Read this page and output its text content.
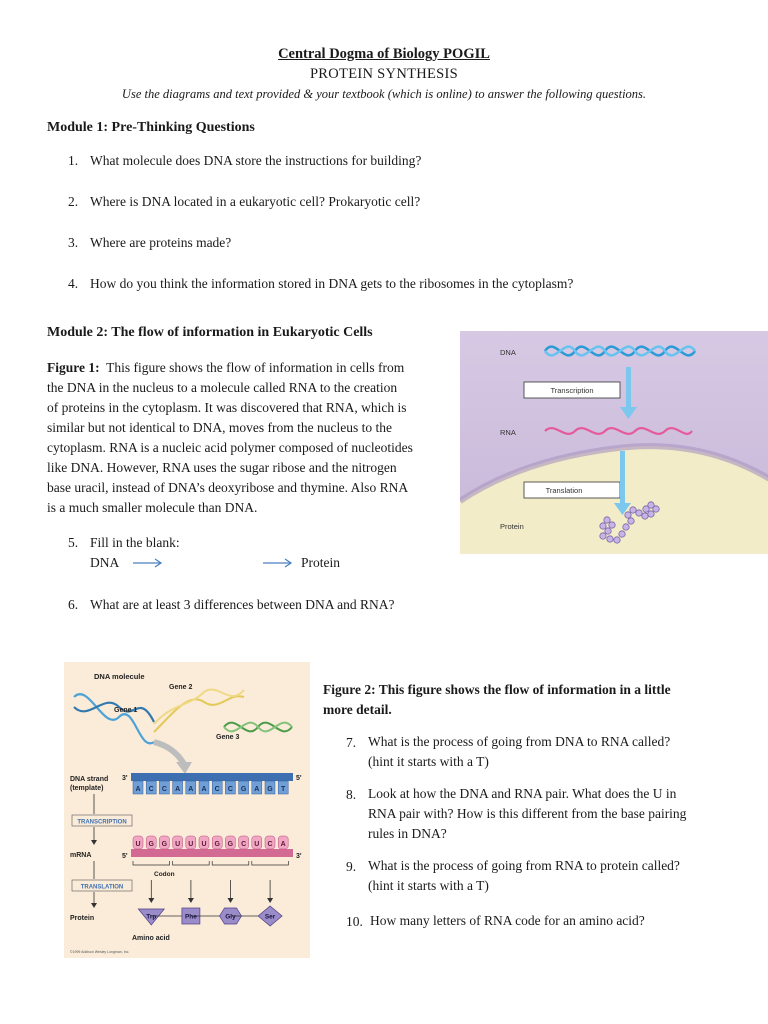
Central Dogma of Biology POGIL
PROTEIN SYNTHESIS
Use the diagrams and text provided & your textbook (which is online) to answer the following questions.
Module 1: Pre-Thinking Questions
1. What molecule does DNA store the instructions for building?
2. Where is DNA located in a eukaryotic cell? Prokaryotic cell?
3. Where are proteins made?
4. How do you think the information stored in DNA gets to the ribosomes in the cytoplasm?
Module 2: The flow of information in Eukaryotic Cells
Figure 1: This figure shows the flow of information in cells from
the DNA in the nucleus to a molecule called RNA to the creation
of proteins in the cytoplasm. It was discovered that RNA, which is
similar but not identical to DNA, moves from the nucleus to the
cytoplasm. RNA is a nucleic acid polymer composed of nucleotides
like DNA. However, RNA uses the sugar ribose and the nitrogen
base uracil, instead of DNA’s deoxyribose and thymine. Also RNA
is a much smaller molecule than DNA.
5. Fill in the blank:
DNA	Protein
6. What are at least 3 differences between DNA and RNA?
DNA
Transcription
RNA
Translation
Protein
DNA molecule
Gene 1
Gene 2
Gene 3
DNA strand
(template)
3'	5'
A C C A A A C C G A G T
TRANSCRIPTION
mRNA	5'	3'
U G G U U U G G C U C A
Codon
TRANSLATION
Protein	Trp	Phe	Gly	Ser
Amino acid
©1999 Addison Wesley Longman, Inc.
Figure 2: This figure shows the flow of information in a little
more detail.
7. What is the process of going from DNA to RNA called?
(hint it starts with a T)
8. Look at how the DNA and RNA pair. What does the U in
RNA pair with? How is this different from the base pairing
rules in DNA?
9. What is the process of going from RNA to protein called?
(hint it starts with a T)
10. How many letters of RNA code for an amino acid?
